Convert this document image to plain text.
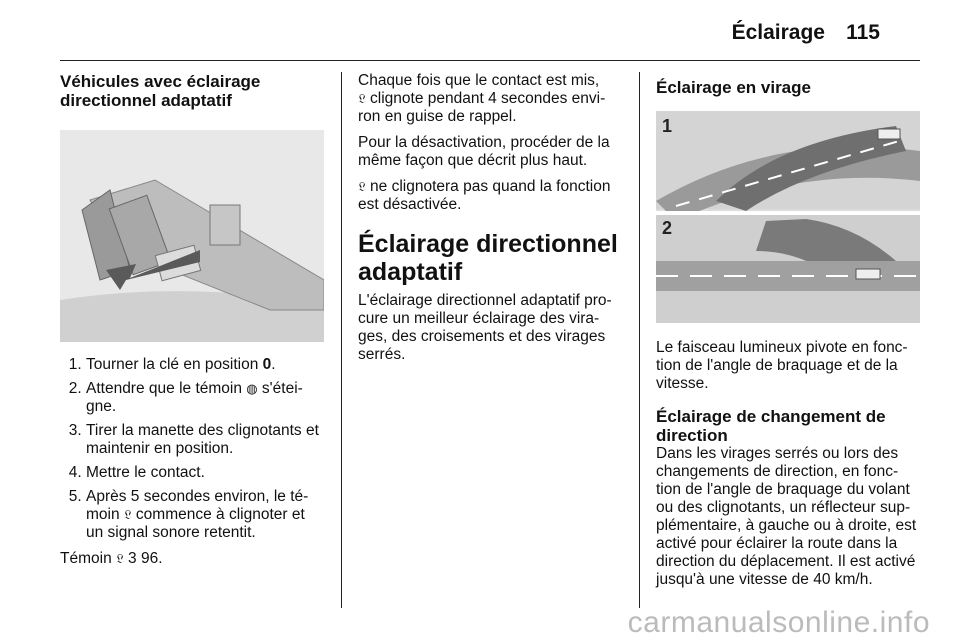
Éclairage 115
Véhicules avec éclairage
directionnel adaptatif
1. Tourner la clé en position 0.
2. Attendre que le témoin ◍ s'étei-gne.
3. Tirer la manette des clignotants et maintenir en position.
4. Mettre le contact.
5. Après 5 secondes environ, le té-moin 𝔏 commence à clignoter et un signal sonore retentit.

Témoin 𝔏 3 96.

Chaque fois que le contact est mis,
𝔏 clignote pendant 4 secondes envi-ron en guise de rappel.

Pour la désactivation, procéder de la même façon que décrit plus haut.

𝔏 ne clignotera pas quand la fonction est désactivée.

Éclairage directionnel adaptatif

L'éclairage directionnel adaptatif pro-cure un meilleur éclairage des vira-ges, des croisements et des virages serrés.

Éclairage en virage
1
2

Le faisceau lumineux pivote en fonc-tion de l'angle de braquage et de la vitesse.

Éclairage de changement de direction

Dans les virages serrés ou lors des changements de direction, en fonc-tion de l'angle de braquage du volant ou des clignotants, un réflecteur sup-plémentaire, à gauche ou à droite, est activé pour éclairer la route dans la direction du déplacement. Il est activé jusqu'à une vitesse de 40 km/h.

carmanualsonline.info
